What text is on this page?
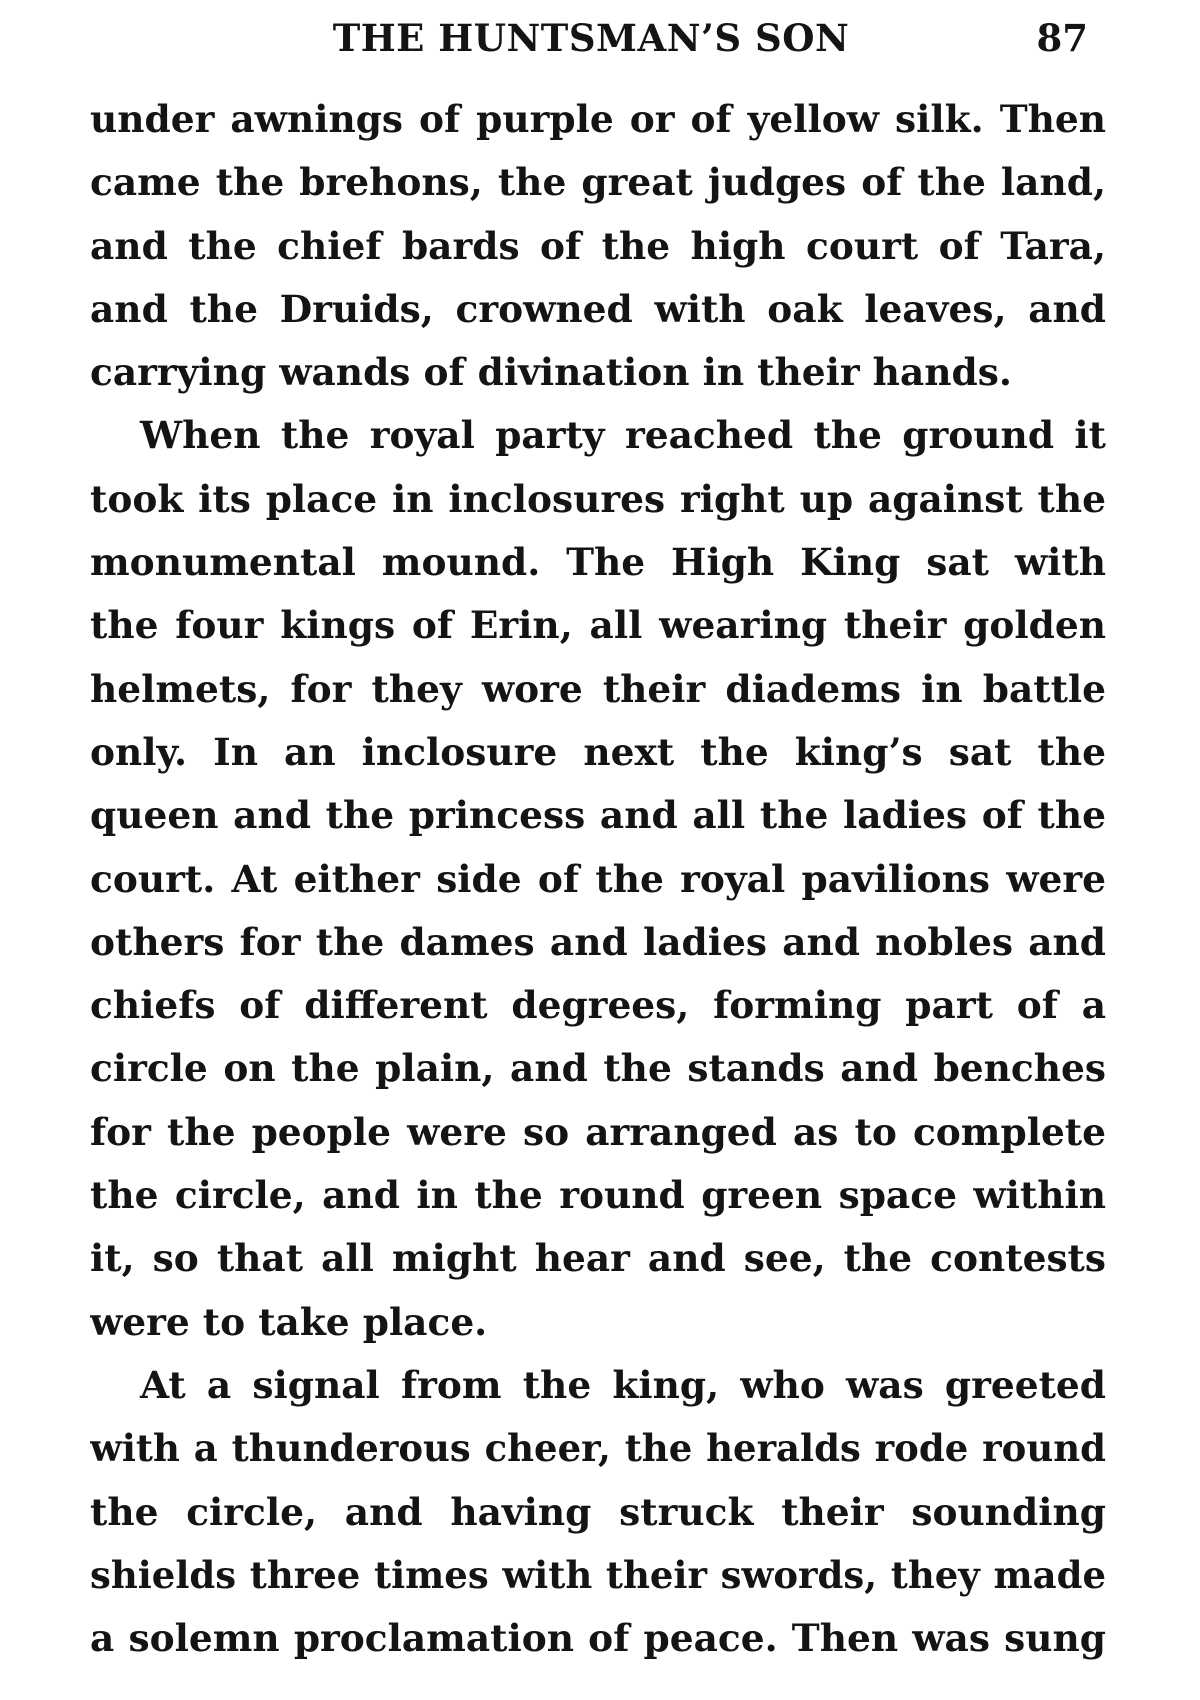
THE HUNTSMAN’S SON	87
under awnings of purple or of yellow silk. Then
came the brehons, the great judges of the land,
and the chief bards of the high court of Tara,
and the Druids, crowned with oak leaves, and
carrying wands of divination in their hands.
When the royal party reached the ground it
took its place in inclosures right up against the
monumental mound. The High King sat with
the four kings of Erin, all wearing their golden
helmets, for they wore their diadems in battle
only. In an inclosure next the king’s sat the
queen and the princess and all the ladies of the
court. At either side of the royal pavilions were
others for the dames and ladies and nobles and
chiefs of different degrees, forming part of a
circle on the plain, and the stands and benches
for the people were so arranged as to complete
the circle, and in the round green space within
it, so that all might hear and see, the contests
were to take place.
At a signal from the king, who was greeted
with a thunderous cheer, the heralds rode round
the circle, and having struck their sounding
shields three times with their swords, they made
a solemn proclamation of peace. Then was sung
